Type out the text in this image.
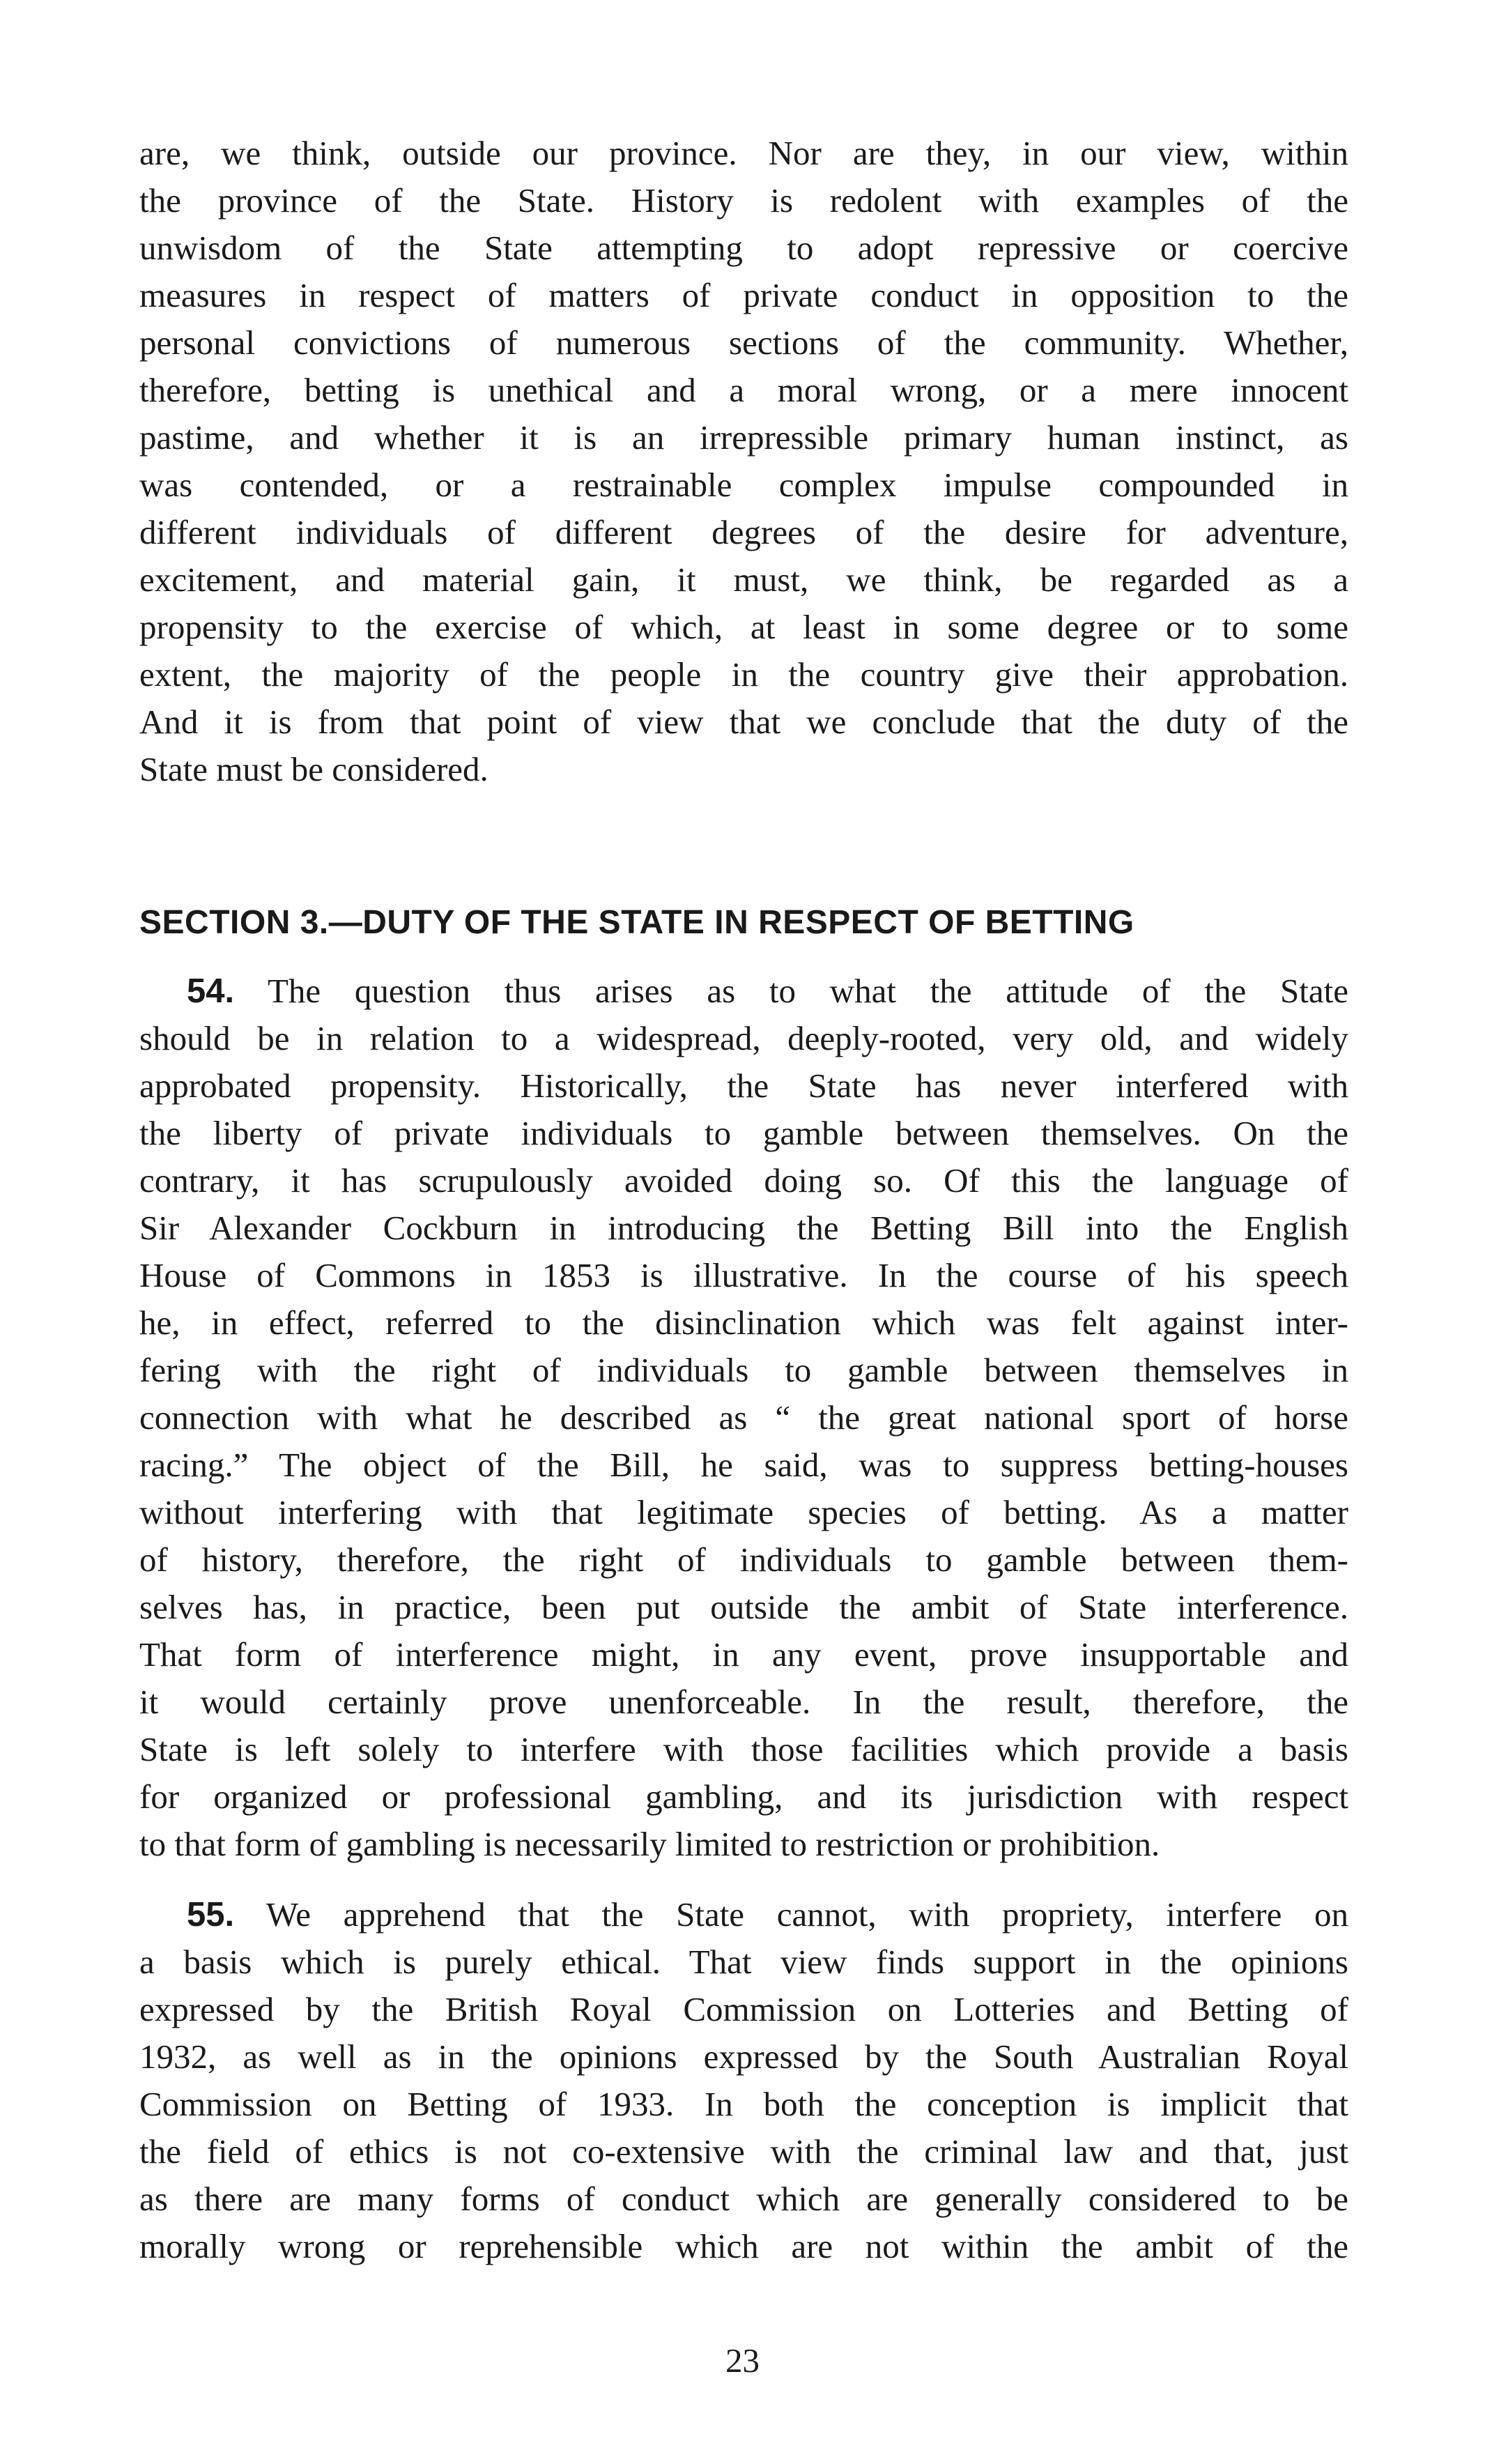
are, we think, outside our province. Nor are they, in our view, within
the province of the State. History is redolent with examples of the
unwisdom of the State attempting to adopt repressive or coercive
measures in respect of matters of private conduct in opposition to the
personal convictions of numerous sections of the community. Whether,
therefore, betting is unethical and a moral wrong, or a mere innocent
pastime, and whether it is an irrepressible primary human instinct, as
was contended, or a restrainable complex impulse compounded in
different individuals of different degrees of the desire for adventure,
excitement, and material gain, it must, we think, be regarded as a
propensity to the exercise of which, at least in some degree or to some
extent, the majority of the people in the country give their approbation.
And it is from that point of view that we conclude that the duty of the
State must be considered.
SECTION 3.—DUTY OF THE STATE IN RESPECT OF BETTING
54. The question thus arises as to what the attitude of the State
should be in relation to a widespread, deeply-rooted, very old, and widely
approbated propensity. Historically, the State has never interfered with
the liberty of private individuals to gamble between themselves. On the
contrary, it has scrupulously avoided doing so. Of this the language of
Sir Alexander Cockburn in introducing the Betting Bill into the English
House of Commons in 1853 is illustrative. In the course of his speech
he, in effect, referred to the disinclination which was felt against inter-
fering with the right of individuals to gamble between themselves in
connection with what he described as “ the great national sport of horse
racing.” The object of the Bill, he said, was to suppress betting-houses
without interfering with that legitimate species of betting. As a matter
of history, therefore, the right of individuals to gamble between them-
selves has, in practice, been put outside the ambit of State interference.
That form of interference might, in any event, prove insupportable and
it would certainly prove unenforceable. In the result, therefore, the
State is left solely to interfere with those facilities which provide a basis
for organized or professional gambling, and its jurisdiction with respect
to that form of gambling is necessarily limited to restriction or prohibition.
55. We apprehend that the State cannot, with propriety, interfere on
a basis which is purely ethical. That view finds support in the opinions
expressed by the British Royal Commission on Lotteries and Betting of
1932, as well as in the opinions expressed by the South Australian Royal
Commission on Betting of 1933. In both the conception is implicit that
the field of ethics is not co-extensive with the criminal law and that, just
as there are many forms of conduct which are generally considered to be
morally wrong or reprehensible which are not within the ambit of the
23
